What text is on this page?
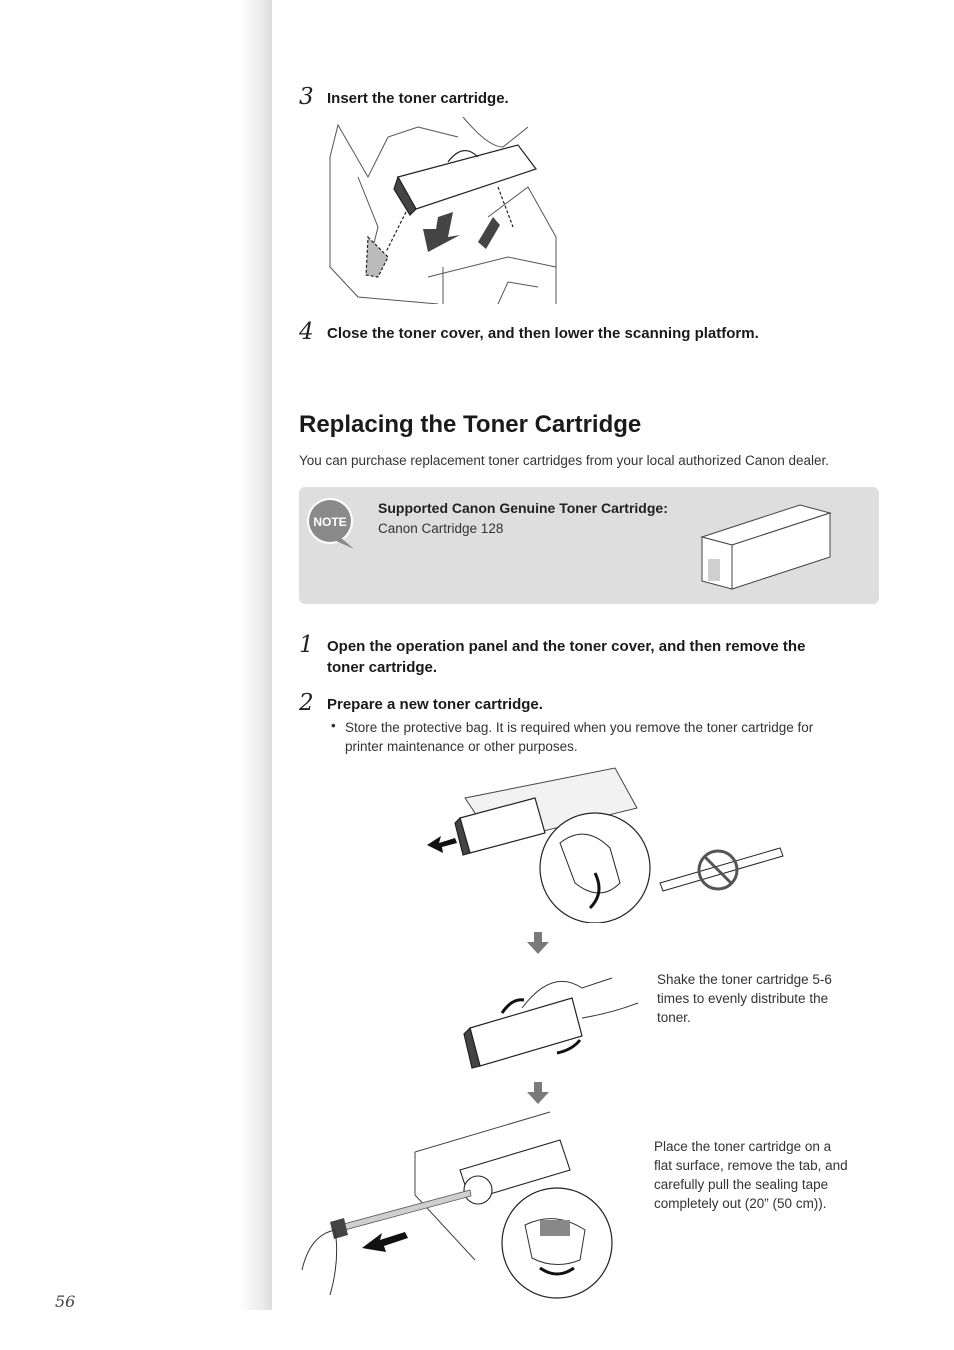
3 Insert the toner cartridge.
4 Close the toner cover, and then lower the scanning platform.
Replacing the Toner Cartridge
You can purchase replacement toner cartridges from your local authorized Canon dealer.
NOTE
Supported Canon Genuine Toner Cartridge:
Canon Cartridge 128
1 Open the operation panel and the toner cover, and then remove the
toner cartridge.
2 Prepare a new toner cartridge.
• Store the protective bag. It is required when you remove the toner cartridge for
printer maintenance or other purposes.
Shake the toner cartridge 5-6
times to evenly distribute the
toner.
Place the toner cartridge on a
flat surface, remove the tab, and
carefully pull the sealing tape
completely out (20” (50 cm)).
56
